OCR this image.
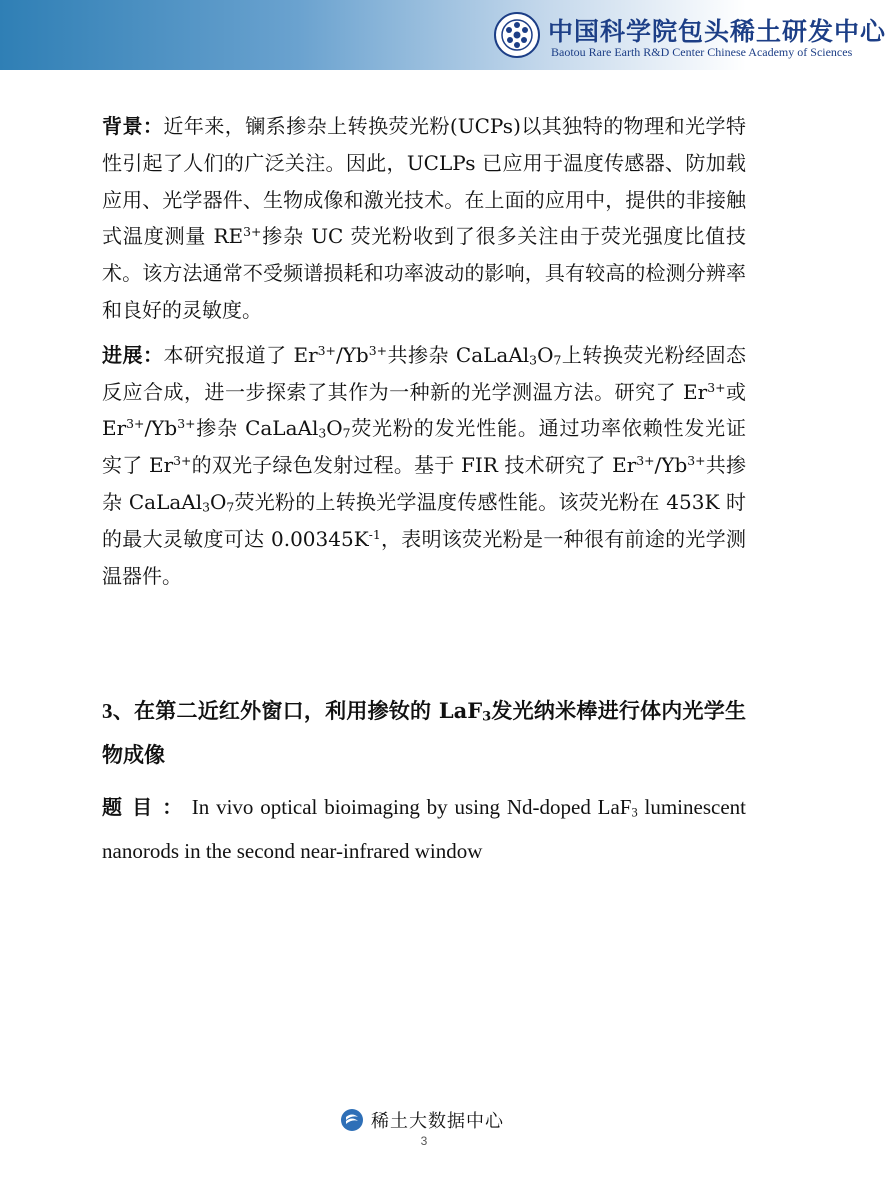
中国科学院包头稀土研发中心
Baotou Rare Earth R&D Center Chinese Academy of Sciences

背景：近年来，镧系掺杂上转换荧光粉(UCPs)以其独特的物理和光学特性引起了人们的广泛关注。因此，UCLPs 已应用于温度传感器、防加载应用、光学器件、生物成像和激光技术。在上面的应用中，提供的非接触式温度测量 $RE^{3+}$掺杂 UC 荧光粉收到了很多关注由于荧光强度比值技术。该方法通常不受频谱损耗和功率波动的影响，具有较高的检测分辨率和良好的灵敏度。

进展：本研究报道了 $Er^{3+}/Yb^{3+}$共掺杂 $CaLaAl_3O_7$上转换荧光粉经固态反应合成，进一步探索了其作为一种新的光学测温方法。研究了 $Er^{3+}$或 $Er^{3+}/Yb^{3+}$掺杂 $CaLaAl_3O_7$荧光粉的发光性能。通过功率依赖性发光证实了 $Er^{3+}$的双光子绿色发射过程。基于 FIR 技术研究了 $Er^{3+}/Yb^{3+}$共掺杂 $CaLaAl_3O_7$荧光粉的上转换光学温度传感性能。该荧光粉在 453K 时的最大灵敏度可达 $0.00345K^{-1}$，表明该荧光粉是一种很有前途的光学测温器件。

3、在第二近红外窗口，利用掺钕的 LaF$_3$发光纳米棒进行体内光学生物成像
题 目 ： In vivo optical bioimaging by using Nd-doped LaF$_3$ luminescent nanorods in the second near-infrared window
稀土大数据中心
3
